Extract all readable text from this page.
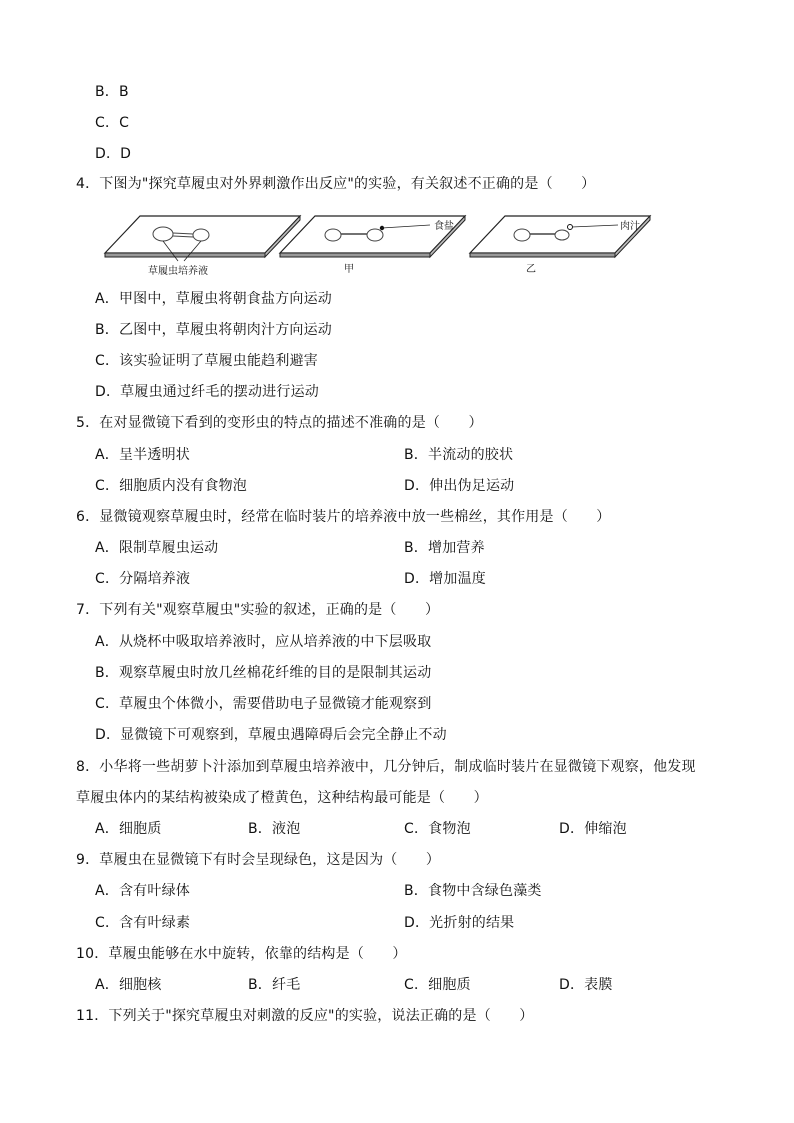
B．B
C．C
D．D
4．下图为"探究草履虫对外界刺激作出反应"的实验，有关叙述不正确的是（　　）
草履虫培养液
食盐
甲
肉汁
乙
A．甲图中，草履虫将朝食盐方向运动
B．乙图中，草履虫将朝肉汁方向运动
C．该实验证明了草履虫能趋利避害
D．草履虫通过纤毛的摆动进行运动
5．在对显微镜下看到的变形虫的特点的描述不准确的是（　　）
A．呈半透明状	B．半流动的胶状
C．细胞质内没有食物泡	D．伸出伪足运动
6．显微镜观察草履虫时，经常在临时装片的培养液中放一些棉丝，其作用是（　　）
A．限制草履虫运动	B．增加营养
C．分隔培养液	D．增加温度
7．下列有关"观察草履虫"实验的叙述，正确的是（　　）
A．从烧杯中吸取培养液时，应从培养液的中下层吸取
B．观察草履虫时放几丝棉花纤维的目的是限制其运动
C．草履虫个体微小，需要借助电子显微镜才能观察到
D．显微镜下可观察到，草履虫遇障碍后会完全静止不动
8．小华将一些胡萝卜汁添加到草履虫培养液中，几分钟后，制成临时装片在显微镜下观察，他发现
草履虫体内的某结构被染成了橙黄色，这种结构最可能是（　　）
A．细胞质	B．液泡	C．食物泡	D．伸缩泡
9．草履虫在显微镜下有时会呈现绿色，这是因为（　　）
A．含有叶绿体	B．食物中含绿色藻类
C．含有叶绿素	D．光折射的结果
10．草履虫能够在水中旋转，依靠的结构是（　　）
A．细胞核	B．纤毛	C．细胞质	D．表膜
11．下列关于"探究草履虫对刺激的反应"的实验，说法正确的是（　　）
